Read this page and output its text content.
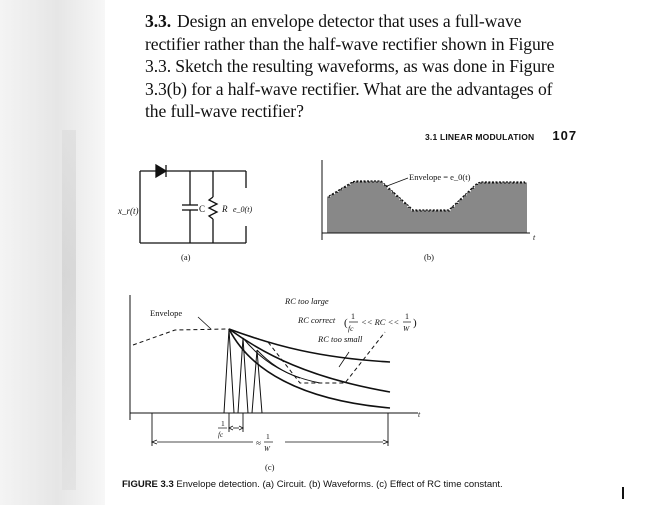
3.3. Design an envelope detector that uses a full-wave
rectifier rather than the half-wave rectifier shown in Figure
3.3. Sketch the resulting waveforms, as was done in Figure
3.3(b) for a half-wave rectifier. What are the advantages of
the full-wave rectifier?
3.1 LINEAR MODULATION 107
x_r(t)	C R e_0(t)
(a)
Envelope = e_0(t)
t
(b)
Envelope
RC too large
RC correct (
1
fc
<< RC <<
1
W )
RC too small
t
1
fc
≈
1
W
(c)
FIGURE 3.3 Envelope detection. (a) Circuit. (b) Waveforms. (c) Effect of RC time constant.
